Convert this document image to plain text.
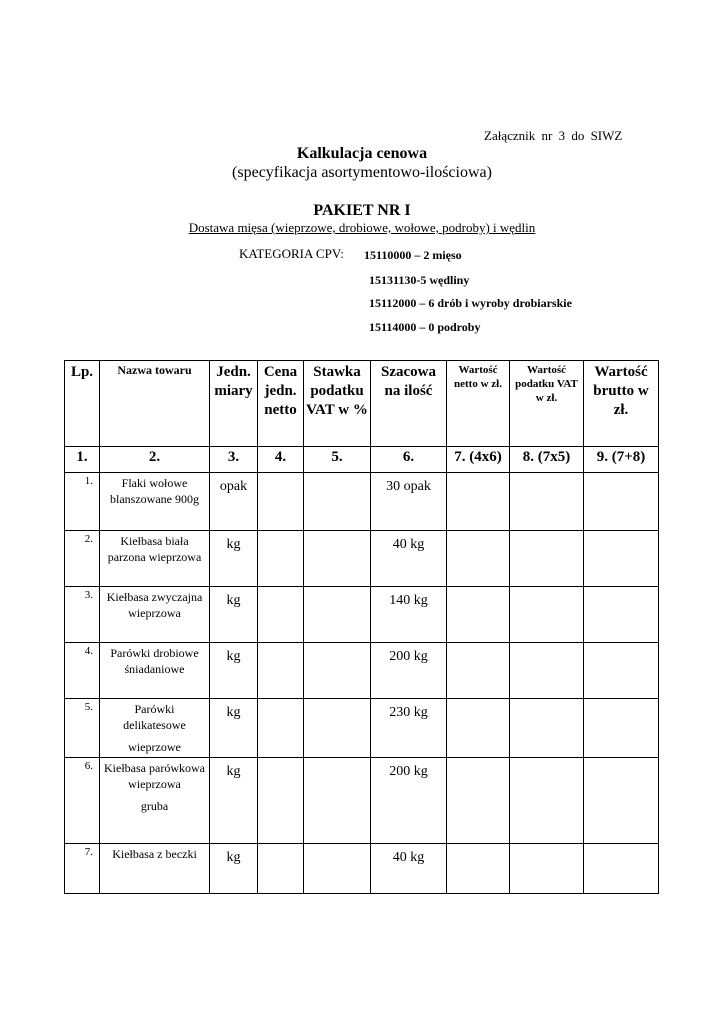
Załącznik nr 3 do SIWZ
Kalkulacja cenowa
(specyfikacja asortymentowo-ilościowa)
PAKIET NR I
Dostawa mięsa (wieprzowe, drobiowe, wołowe, podroby) i wędlin
KATEGORIA CPV: 15110000 – 2 mięso
15131130-5 wędliny
15112000 – 6 drób i wyroby drobiarskie
15114000 – 0 podroby
Lp.	Nazwa towaru	Jedn. miary	Cena jedn. netto	Stawka podatku VAT w %	Szacowa na ilość	Wartość netto w zł.	Wartość podatku VAT w zł.	Wartość brutto w zł.
1.	2.	3.	4.	5.	6.	7. (4x6)	8. (7x5)	9. (7+8)
1.	Flaki wołowe blanszowane 900g	opak			30 opak			
2.	Kiełbasa biała parzona wieprzowa	kg			40 kg			
3.	Kiełbasa zwyczajna wieprzowa	kg			140 kg			
4.	Parówki drobiowe śniadaniowe	kg			200 kg			
5.	Parówki delikatesowe
wieprzowe	kg			230 kg			
6.	Kiełbasa parówkowa wieprzowa
gruba	kg			200 kg			
7.	Kiełbasa z beczki	kg			40 kg			
